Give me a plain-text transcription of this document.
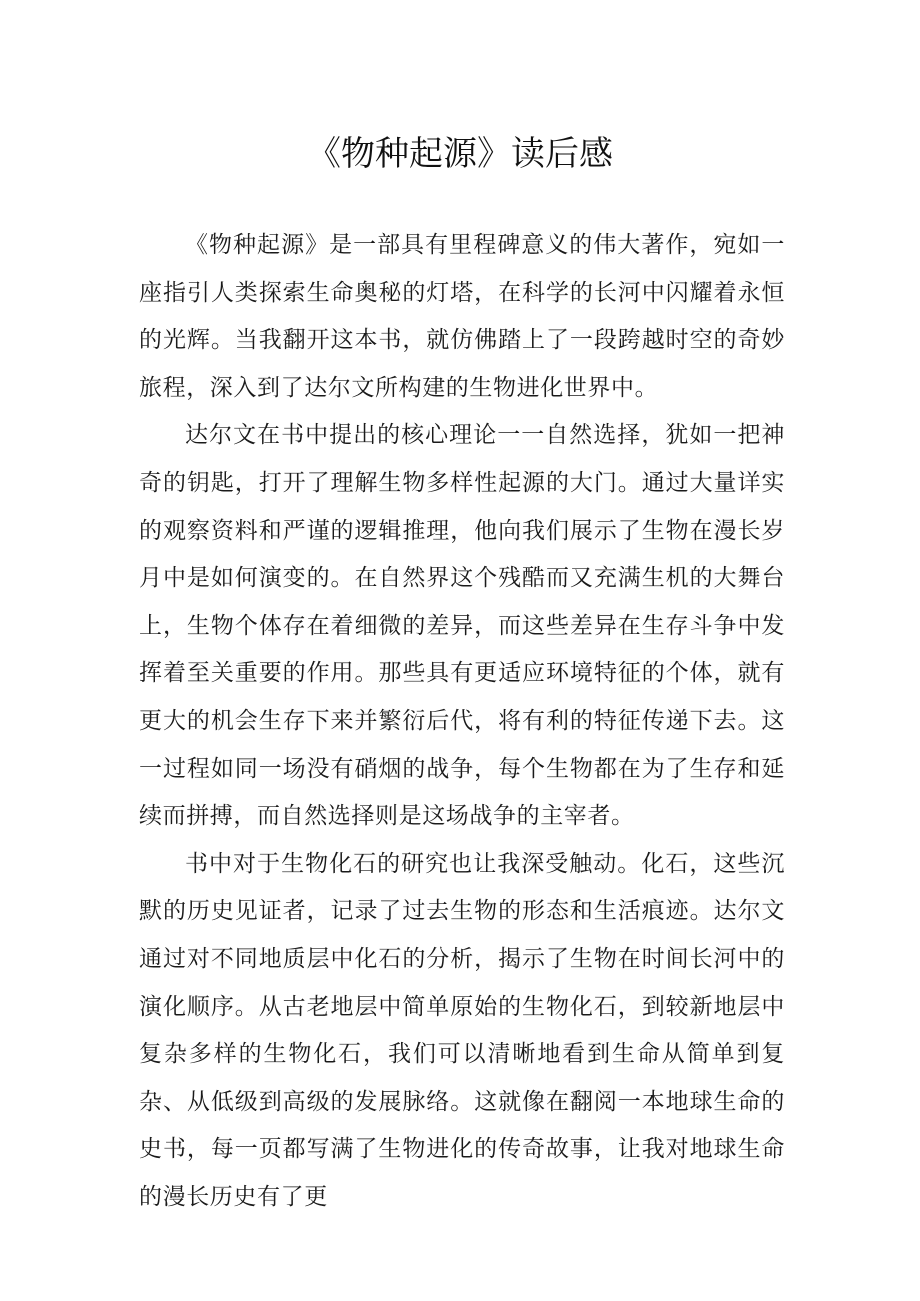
《物种起源》读后感

《物种起源》是一部具有里程碑意义的伟大著作，宛如一座指引人类探索生命奥秘的灯塔，在科学的长河中闪耀着永恒的光辉。当我翻开这本书，就仿佛踏上了一段跨越时空的奇妙旅程，深入到了达尔文所构建的生物进化世界中。

达尔文在书中提出的核心理论一一自然选择，犹如一把神奇的钥匙，打开了理解生物多样性起源的大门。通过大量详实的观察资料和严谨的逻辑推理，他向我们展示了生物在漫长岁月中是如何演变的。在自然界这个残酷而又充满生机的大舞台上，生物个体存在着细微的差异，而这些差异在生存斗争中发挥着至关重要的作用。那些具有更适应环境特征的个体，就有更大的机会生存下来并繁衍后代，将有利的特征传递下去。这一过程如同一场没有硝烟的战争，每个生物都在为了生存和延续而拼搏，而自然选择则是这场战争的主宰者。

书中对于生物化石的研究也让我深受触动。化石，这些沉默的历史见证者，记录了过去生物的形态和生活痕迹。达尔文通过对不同地质层中化石的分析，揭示了生物在时间长河中的演化顺序。从古老地层中简单原始的生物化石，到较新地层中复杂多样的生物化石，我们可以清晰地看到生命从简单到复杂、从低级到高级的发展脉络。这就像在翻阅一本地球生命的史书，每一页都写满了生物进化的传奇故事，让我对地球生命的漫长历史有了更
